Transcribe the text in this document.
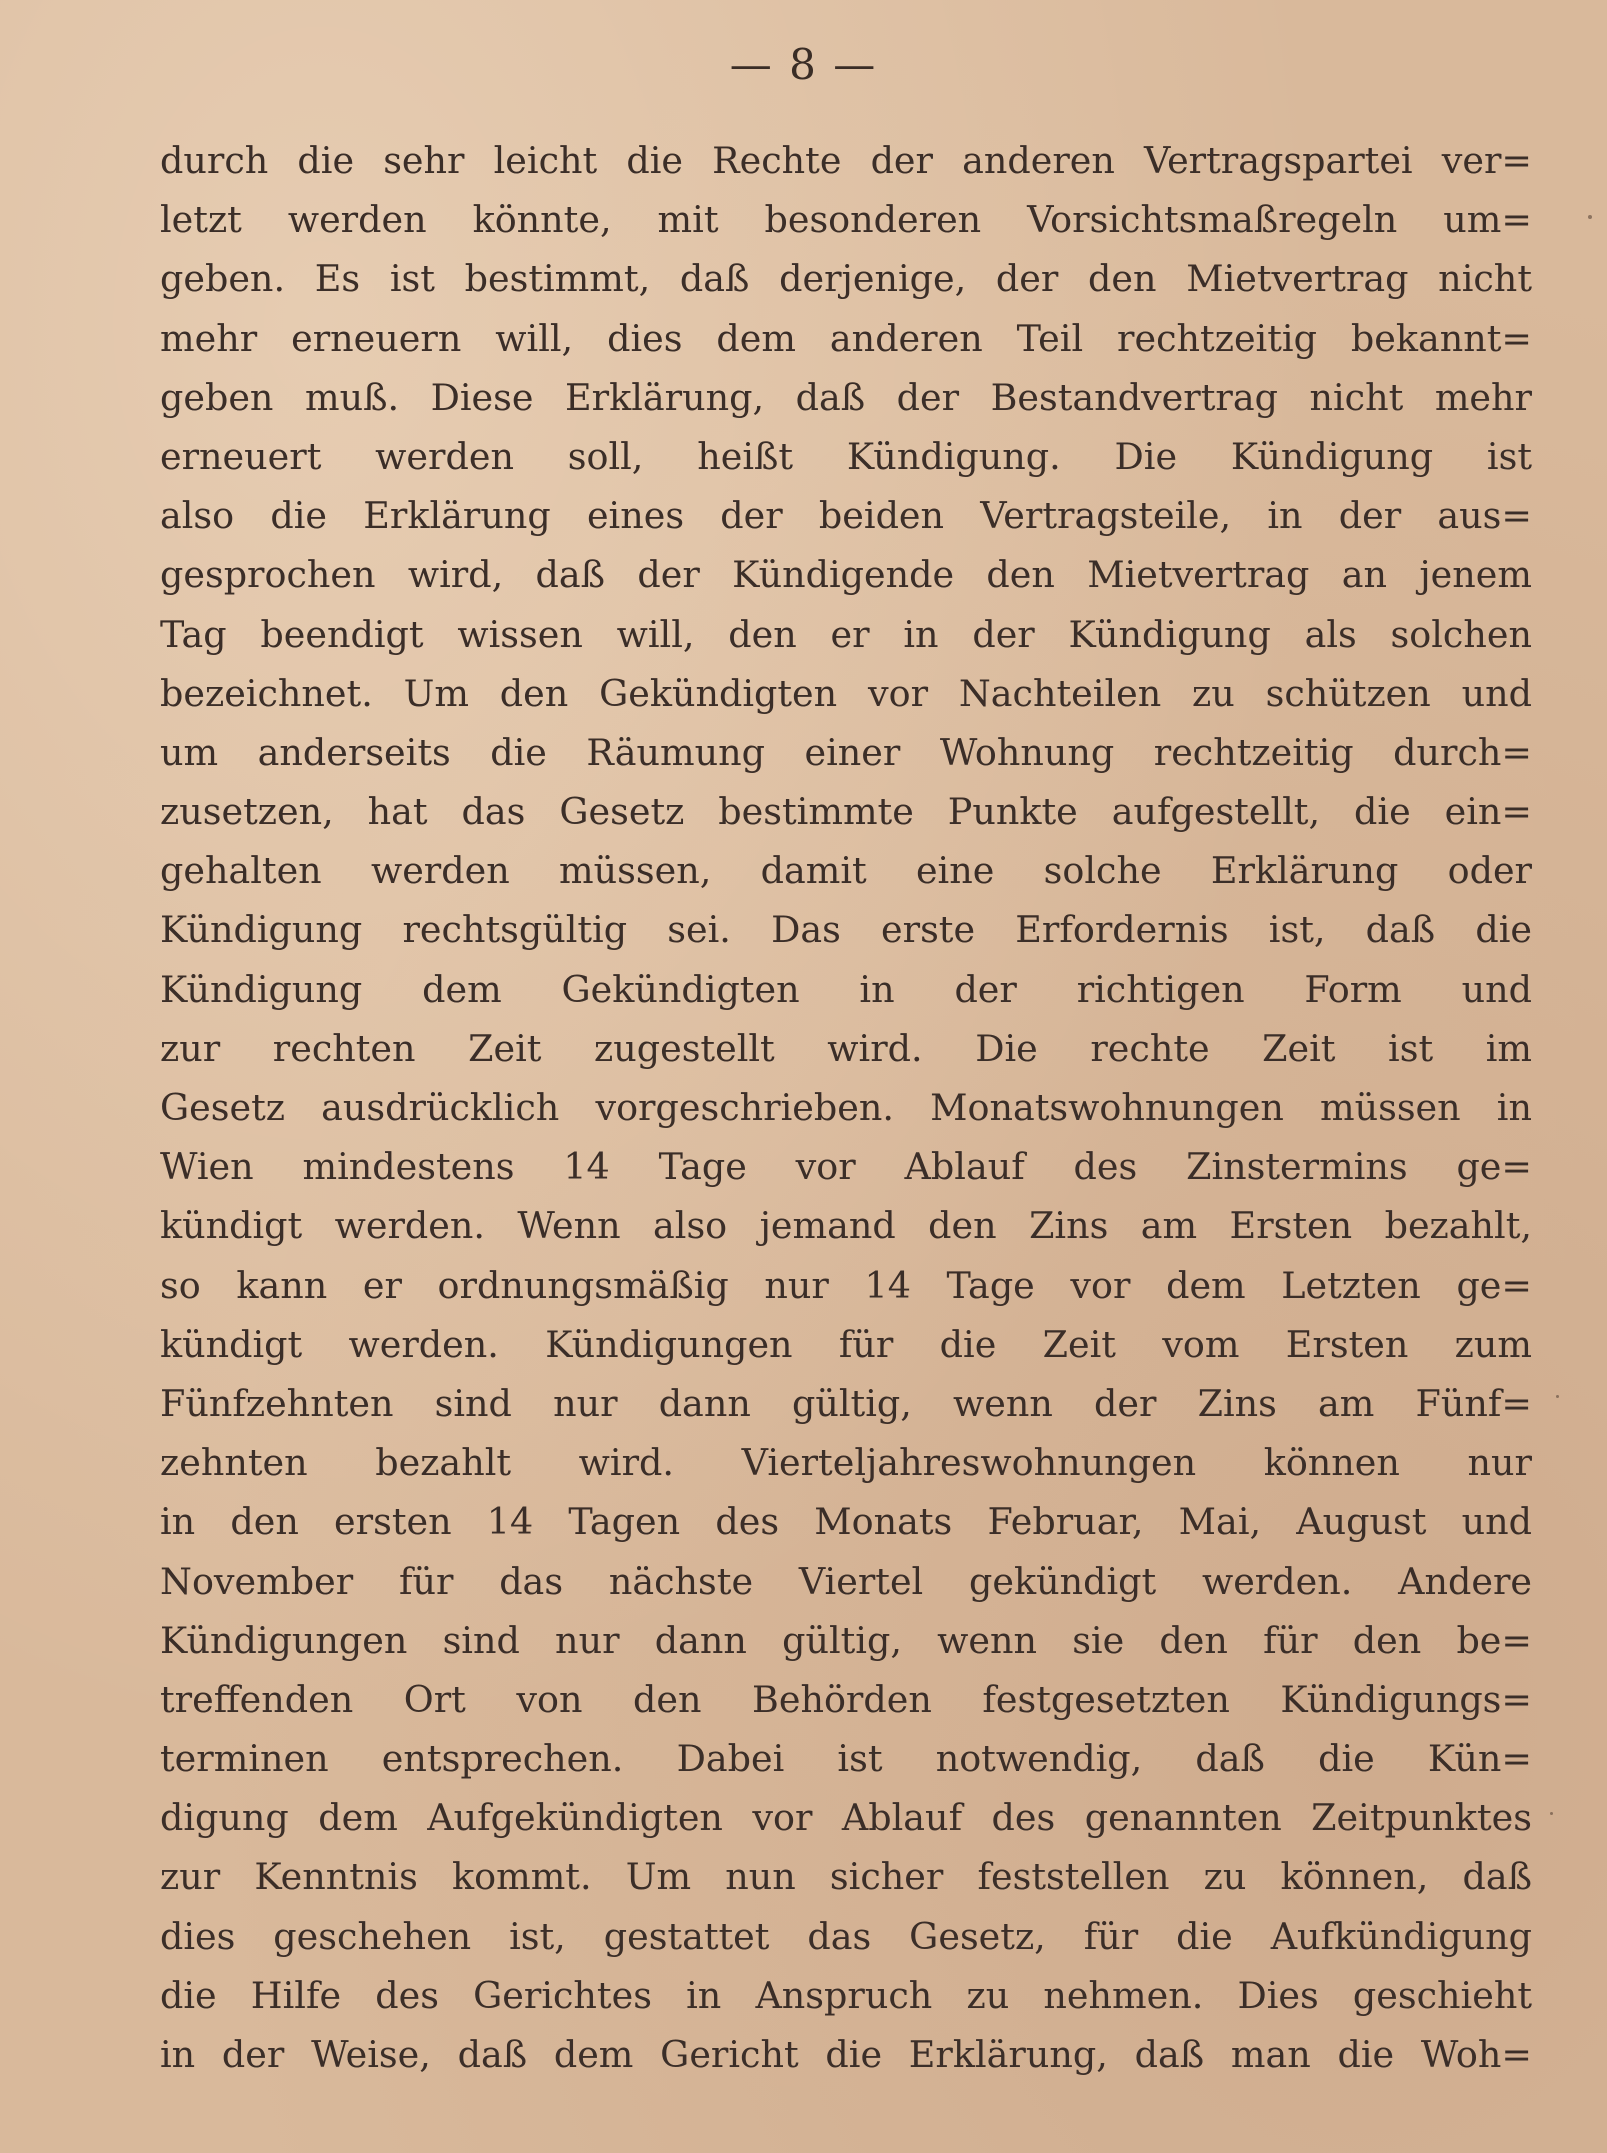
— 8 —
durch die sehr leicht die Rechte der anderen Vertragspartei ver=
letzt werden könnte, mit besonderen Vorsichtsmaßregeln um=
geben. Es ist bestimmt, daß derjenige, der den Mietvertrag nicht
mehr erneuern will, dies dem anderen Teil rechtzeitig bekannt=
geben muß. Diese Erklärung, daß der Bestandvertrag nicht mehr
erneuert werden soll, heißt Kündigung. Die Kündigung ist
also die Erklärung eines der beiden Vertragsteile, in der aus=
gesprochen wird, daß der Kündigende den Mietvertrag an jenem
Tag beendigt wissen will, den er in der Kündigung als solchen
bezeichnet. Um den Gekündigten vor Nachteilen zu schützen und
um anderseits die Räumung einer Wohnung rechtzeitig durch=
zusetzen, hat das Gesetz bestimmte Punkte aufgestellt, die ein=
gehalten werden müssen, damit eine solche Erklärung oder
Kündigung rechtsgültig sei. Das erste Erfordernis ist, daß die
Kündigung dem Gekündigten in der richtigen Form und
zur rechten Zeit zugestellt wird. Die rechte Zeit ist im
Gesetz ausdrücklich vorgeschrieben. Monatswohnungen müssen in
Wien mindestens 14 Tage vor Ablauf des Zinstermins ge=
kündigt werden. Wenn also jemand den Zins am Ersten bezahlt,
so kann er ordnungsmäßig nur 14 Tage vor dem Letzten ge=
kündigt werden. Kündigungen für die Zeit vom Ersten zum
Fünfzehnten sind nur dann gültig, wenn der Zins am Fünf=
zehnten bezahlt wird. Vierteljahreswohnungen können nur
in den ersten 14 Tagen des Monats Februar, Mai, August und
November für das nächste Viertel gekündigt werden. Andere
Kündigungen sind nur dann gültig, wenn sie den für den be=
treffenden Ort von den Behörden festgesetzten Kündigungs=
terminen entsprechen. Dabei ist notwendig, daß die Kün=
digung dem Aufgekündigten vor Ablauf des genannten Zeitpunktes
zur Kenntnis kommt. Um nun sicher feststellen zu können, daß
dies geschehen ist, gestattet das Gesetz, für die Aufkündigung
die Hilfe des Gerichtes in Anspruch zu nehmen. Dies geschieht
in der Weise, daß dem Gericht die Erklärung, daß man die Woh=
